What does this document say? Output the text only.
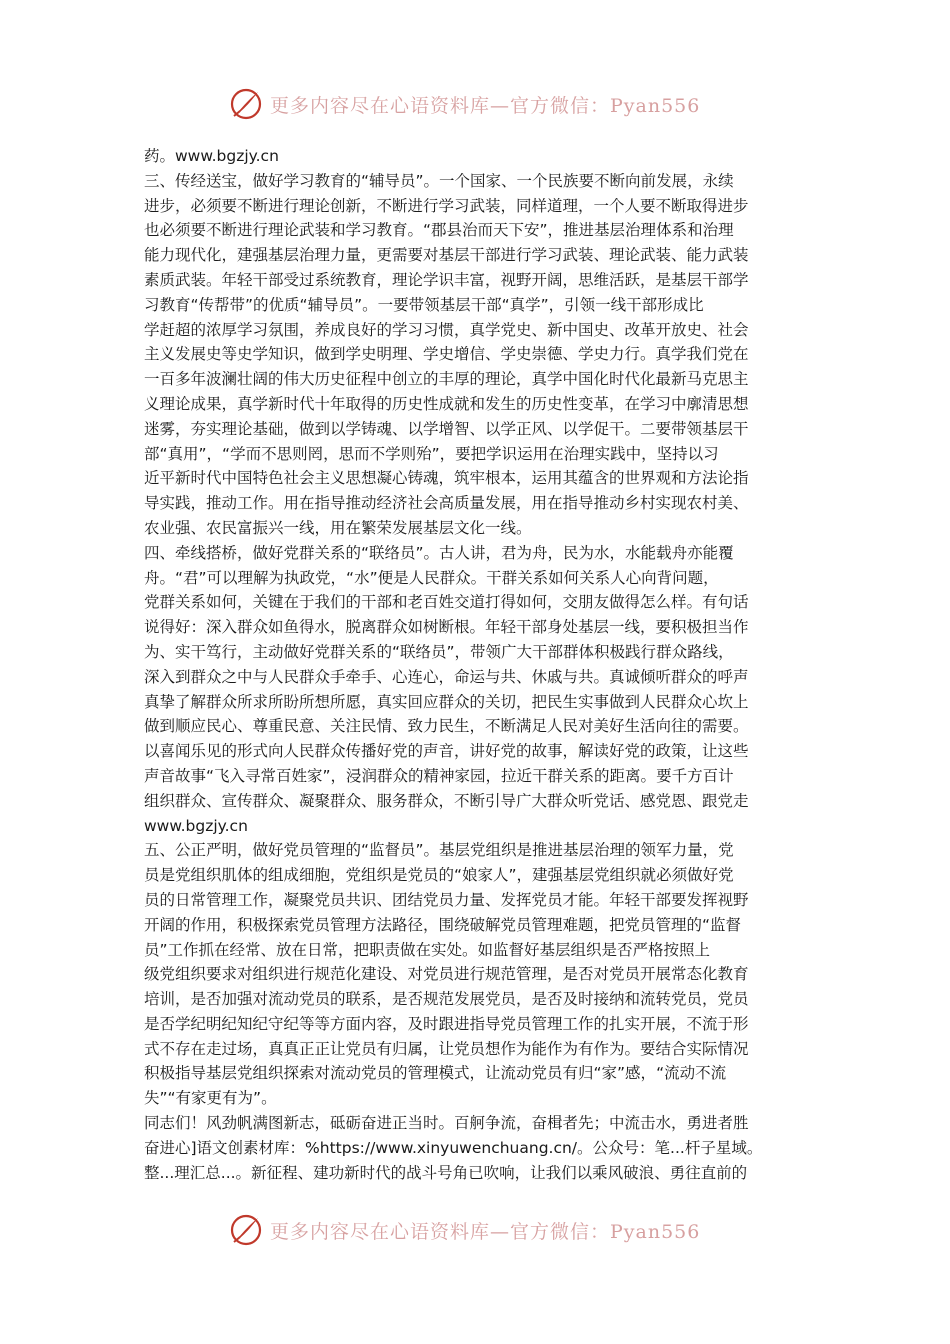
更多内容尽在心语资料库—官方微信：Pyan556
药。www.bgzjy.cn
三、传经送宝，做好学习教育的“辅导员”。一个国家、一个民族要不断向前发展，永续
进步，必须要不断进行理论创新，不断进行学习武装，同样道理，一个人要不断取得进步
也必须要不断进行理论武装和学习教育。“郡县治而天下安”，推进基层治理体系和治理
能力现代化，建强基层治理力量，更需要对基层干部进行学习武装、理论武装、能力武装
素质武装。年轻干部受过系统教育，理论学识丰富，视野开阔，思维活跃，是基层干部学
习教育“传帮带”的优质“辅导员”。一要带领基层干部“真学”，引领一线干部形成比
学赶超的浓厚学习氛围，养成良好的学习习惯，真学党史、新中国史、改革开放史、社会
主义发展史等史学知识，做到学史明理、学史增信、学史崇德、学史力行。真学我们党在
一百多年波澜壮阔的伟大历史征程中创立的丰厚的理论，真学中国化时代化最新马克思主
义理论成果，真学新时代十年取得的历史性成就和发生的历史性变革，在学习中廓清思想
迷雾，夯实理论基础，做到以学铸魂、以学增智、以学正风、以学促干。二要带领基层干
部“真用”，“学而不思则罔，思而不学则殆”，要把学识运用在治理实践中，坚持以习
近平新时代中国特色社会主义思想凝心铸魂，筑牢根本，运用其蕴含的世界观和方法论指
导实践，推动工作。用在指导推动经济社会高质量发展，用在指导推动乡村实现农村美、
农业强、农民富振兴一线，用在繁荣发展基层文化一线。
四、牵线搭桥，做好党群关系的“联络员”。古人讲，君为舟，民为水，水能载舟亦能覆
舟。“君”可以理解为执政党，“水”便是人民群众。干群关系如何关系人心向背问题，
党群关系如何，关键在于我们的干部和老百姓交道打得如何，交朋友做得怎么样。有句话
说得好：深入群众如鱼得水，脱离群众如树断根。年轻干部身处基层一线，要积极担当作
为、实干笃行，主动做好党群关系的“联络员”，带领广大干部群体积极践行群众路线，
深入到群众之中与人民群众手牵手、心连心，命运与共、休戚与共。真诚倾听群众的呼声
真挚了解群众所求所盼所想所愿，真实回应群众的关切，把民生实事做到人民群众心坎上
做到顺应民心、尊重民意、关注民情、致力民生，不断满足人民对美好生活向往的需要。
以喜闻乐见的形式向人民群众传播好党的声音，讲好党的故事，解读好党的政策，让这些
声音故事“飞入寻常百姓家”，浸润群众的精神家园，拉近干群关系的距离。要千方百计
组织群众、宣传群众、凝聚群众、服务群众，不断引导广大群众听党话、感党恩、跟党走
www.bgzjy.cn
五、公正严明，做好党员管理的“监督员”。基层党组织是推进基层治理的领军力量，党
员是党组织肌体的组成细胞，党组织是党员的“娘家人”，建强基层党组织就必须做好党
员的日常管理工作，凝聚党员共识、团结党员力量、发挥党员才能。年轻干部要发挥视野
开阔的作用，积极探索党员管理方法路径，围绕破解党员管理难题，把党员管理的“监督
员”工作抓在经常、放在日常，把职责做在实处。如监督好基层组织是否严格按照上
级党组织要求对组织进行规范化建设、对党员进行规范管理，是否对党员开展常态化教育
培训，是否加强对流动党员的联系，是否规范发展党员，是否及时接纳和流转党员，党员
是否学纪明纪知纪守纪等等方面内容，及时跟进指导党员管理工作的扎实开展，不流于形
式不存在走过场，真真正正让党员有归属，让党员想作为能作为有作为。要结合实际情况
积极指导基层党组织探索对流动党员的管理模式，让流动党员有归“家”感，“流动不流
失”“有家更有为”。
同志们！风劲帆满图新志，砥砺奋进正当时。百舸争流，奋楫者先；中流击水，勇进者胜
奋进心]语文创素材库：%https://www.xinyuwenchuang.cn/。公众号：笔...杆子星域。
整...理汇总...。新征程、建功新时代的战斗号角已吹响，让我们以乘风破浪、勇往直前的
更多内容尽在心语资料库—官方微信：Pyan556
